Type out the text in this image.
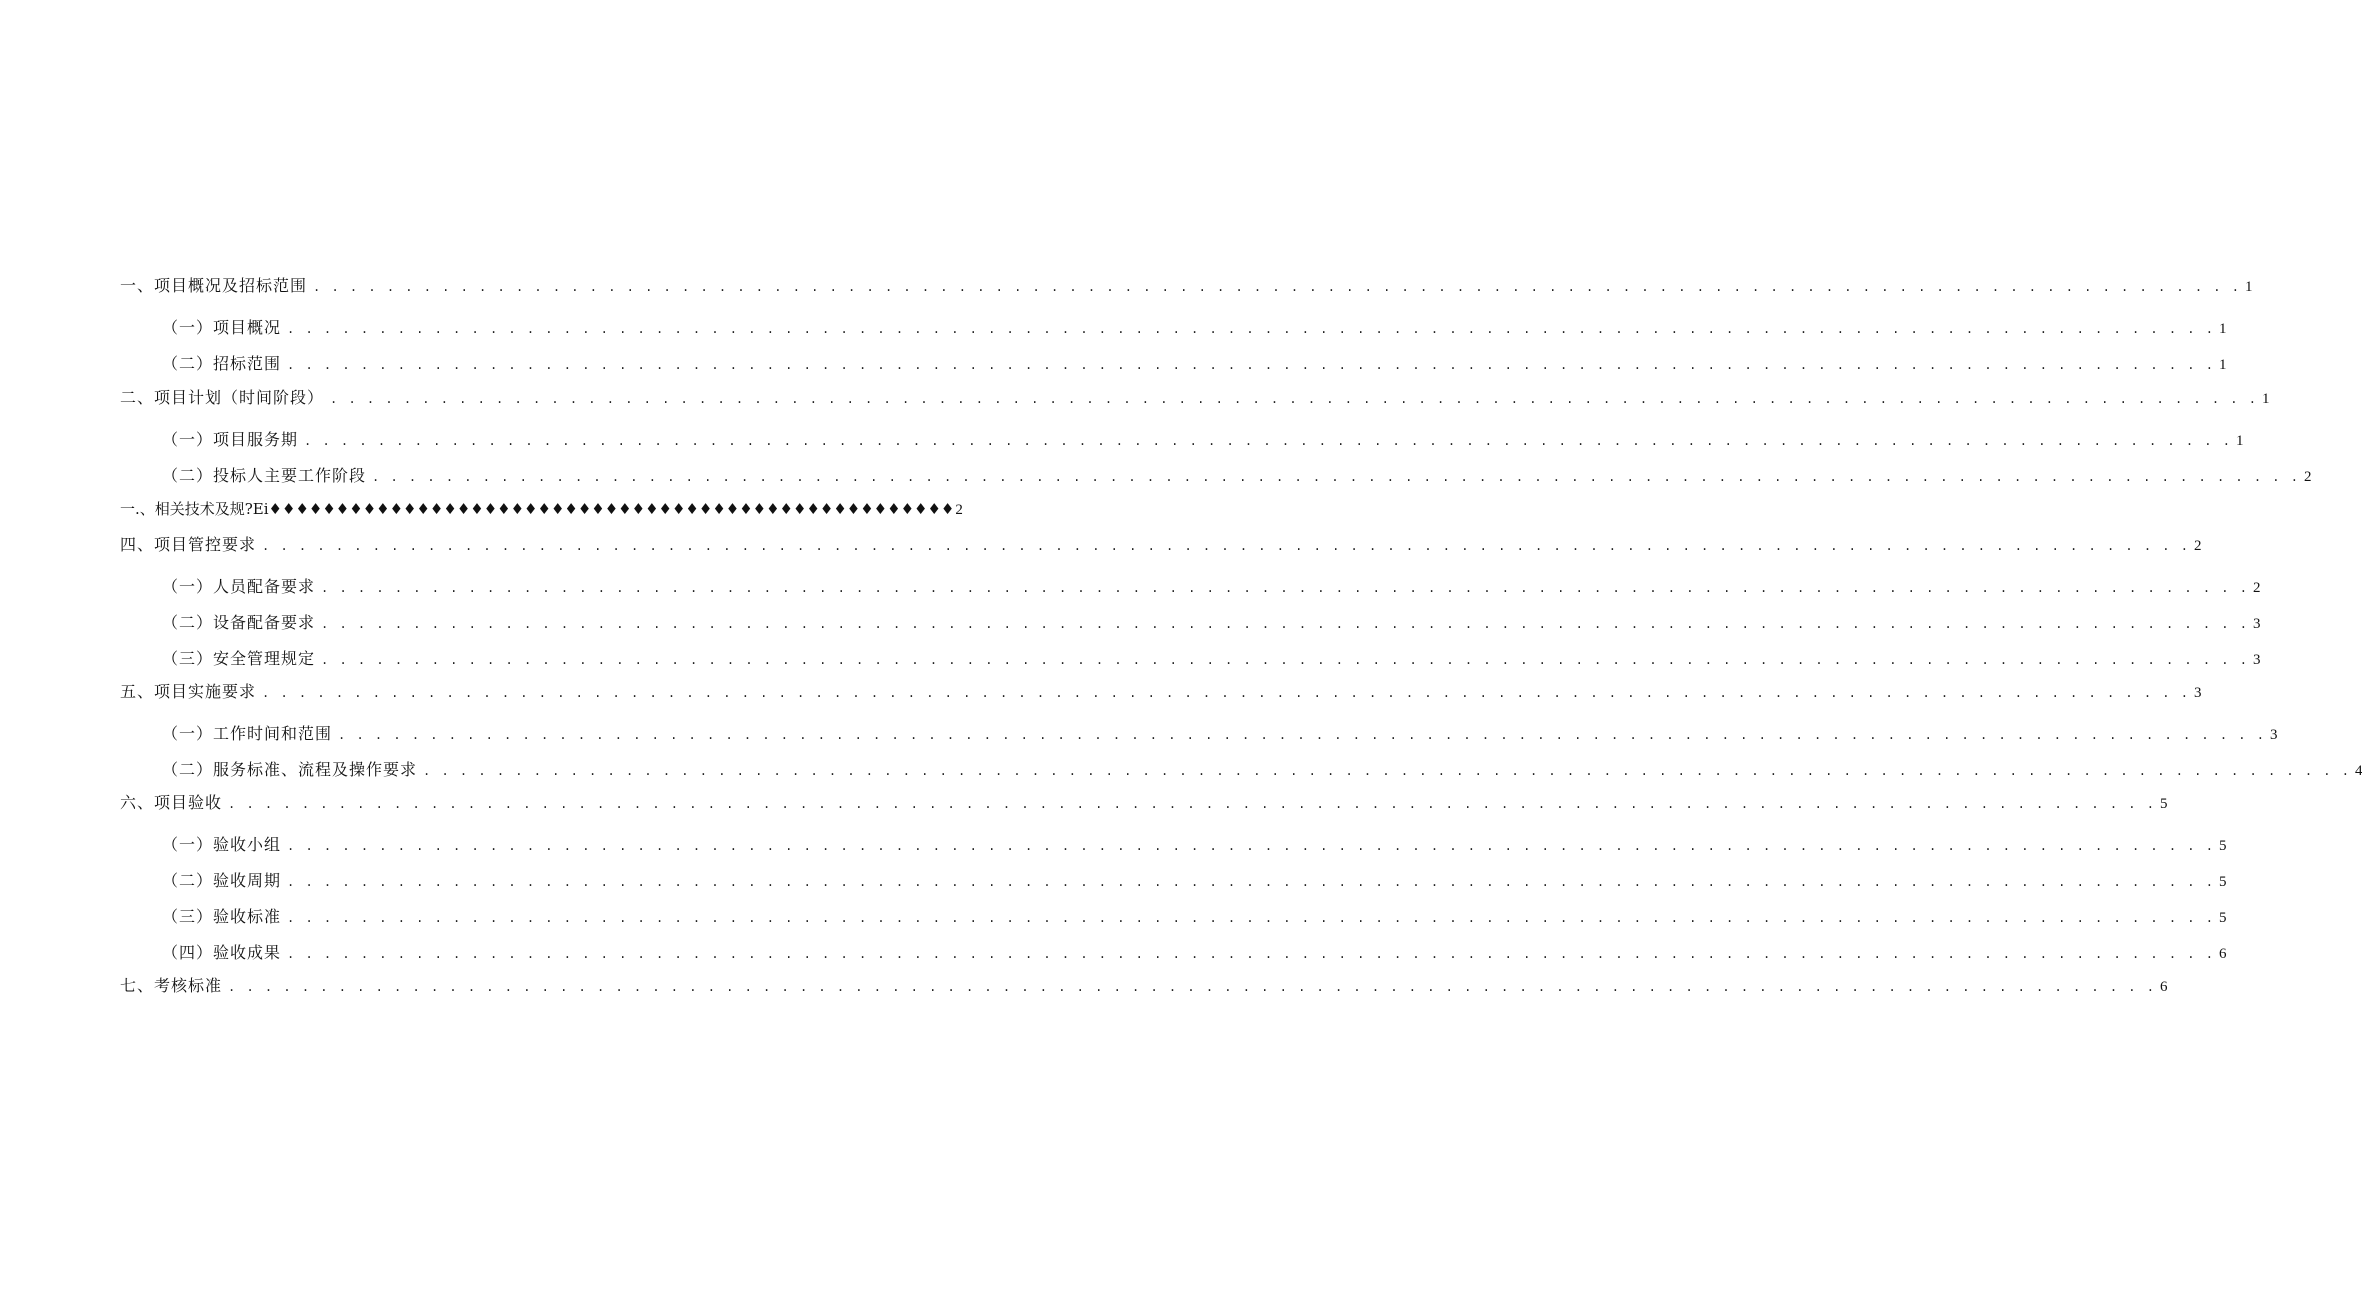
一、项目概况及招标范围 . . .	1
（一）项目概况 . . .	1
（二）招标范围 . . .	1
二、项目计划（时间阶段） . . .	1
（一）项目服务期 . . .	1
（二）投标人主要工作阶段 . . .	2
一.、相关技术及规?Ei♦♦♦♦♦♦♦♦♦♦♦♦♦♦♦♦♦♦♦♦♦♦♦♦♦♦♦♦♦♦♦♦♦♦♦♦♦♦♦♦♦♦♦♦♦♦♦♦♦♦♦ 2
四、项目管控要求 . . .	2
（一）人员配备要求 . . .	2
（二）设备配备要求 . . .	3
（三）安全管理规定 . . .	3
五、项目实施要求 . . .	3
（一）工作时间和范围 . . .	3
（二）服务标准、流程及操作要求 . . .	4
六、项目验收 . . .	5
（一）验收小组 . . .	5
（二）验收周期 . . .	5
（三）验收标准 . . .	5
（四）验收成果 . . .	6
七、考核标准 . . .	6
